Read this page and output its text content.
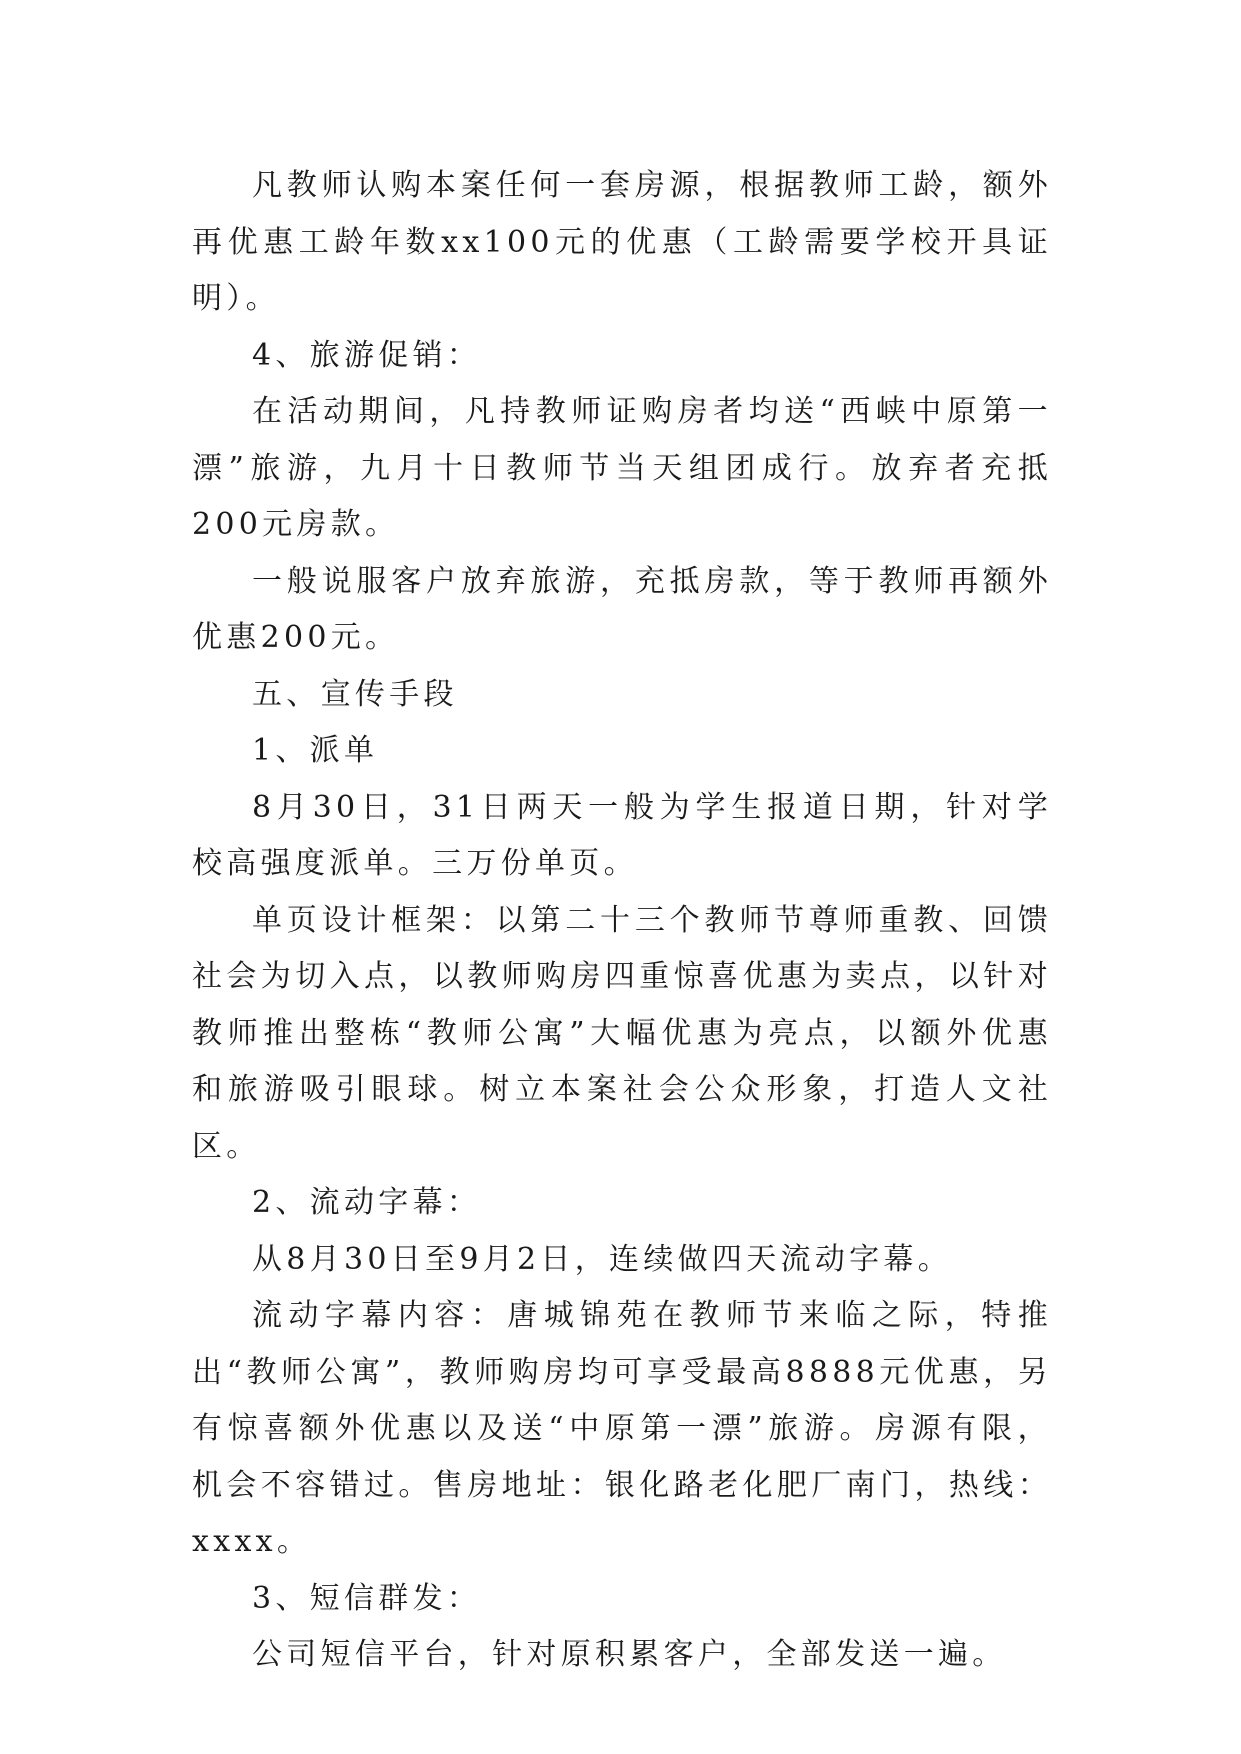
凡教师认购本案任何一套房源，根据教师工龄，额外再优惠工龄年数xx100元的优惠（工龄需要学校开具证明）。

4、旅游促销：

在活动期间，凡持教师证购房者均送“西峡中原第一漂”旅游，九月十日教师节当天组团成行。放弃者充抵200元房款。

一般说服客户放弃旅游，充抵房款，等于教师再额外优惠200元。

五、宣传手段

1、派单

8月30日，31日两天一般为学生报道日期，针对学校高强度派单。三万份单页。

单页设计框架：以第二十三个教师节尊师重教、回馈社会为切入点，以教师购房四重惊喜优惠为卖点，以针对教师推出整栋“教师公寓”大幅优惠为亮点，以额外优惠和旅游吸引眼球。树立本案社会公众形象，打造人文社区。

2、流动字幕：

从8月30日至9月2日，连续做四天流动字幕。

流动字幕内容：唐城锦苑在教师节来临之际，特推出“教师公寓”，教师购房均可享受最高8888元优惠，另有惊喜额外优惠以及送“中原第一漂”旅游。房源有限，机会不容错过。售房地址：银化路老化肥厂南门，热线：xxxx。

3、短信群发：

公司短信平台，针对原积累客户，全部发送一遍。
